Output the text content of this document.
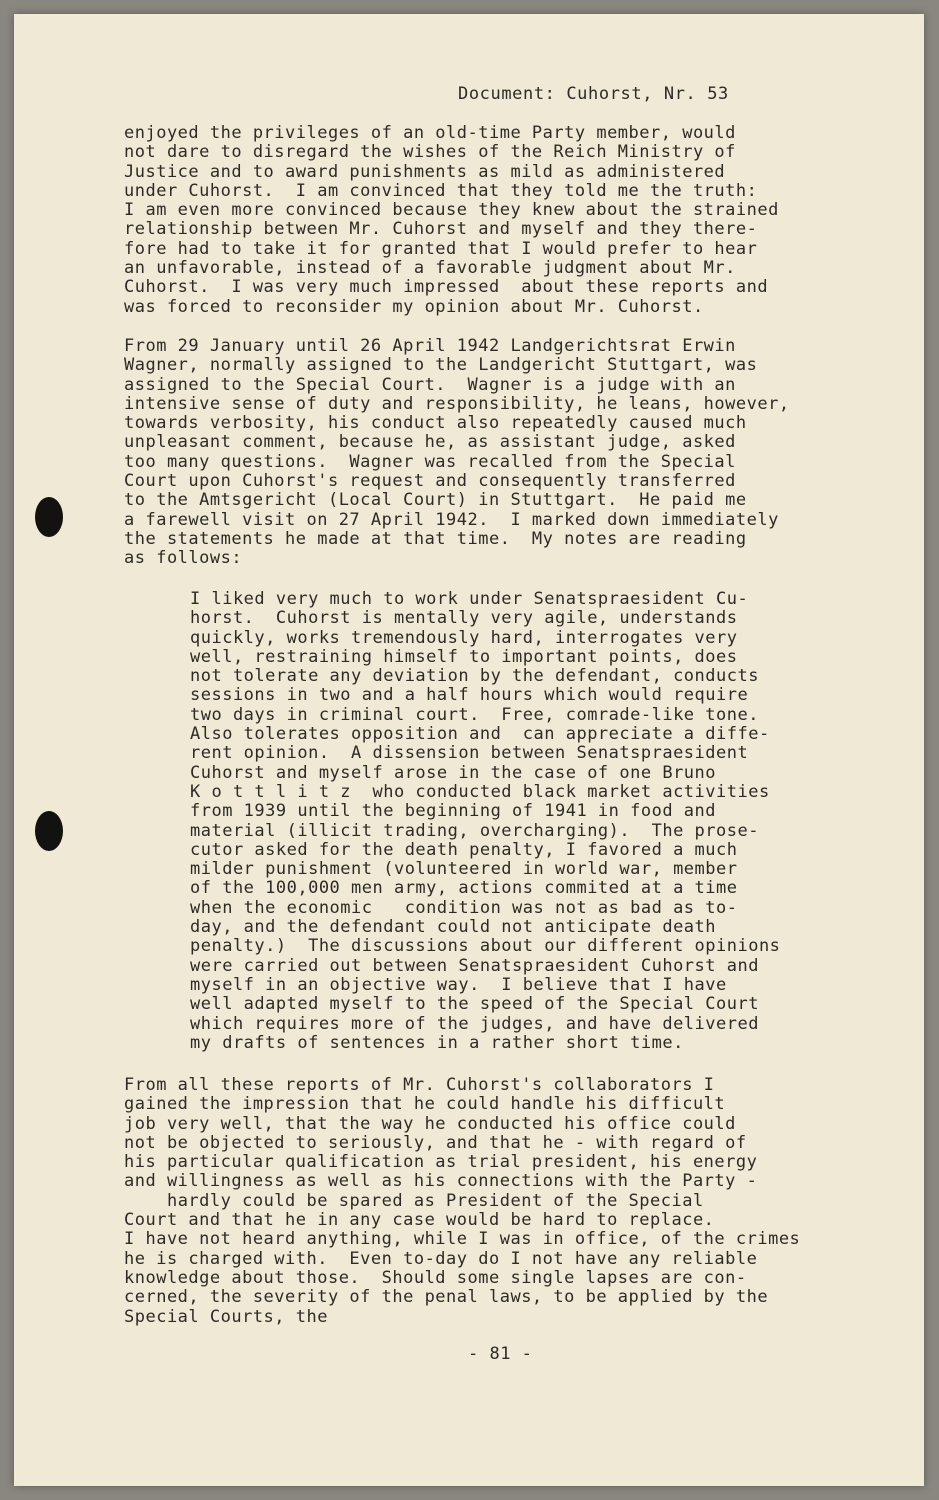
Document: Cuhorst, Nr. 53
enjoyed the privileges of an old-time Party member, would
not dare to disregard the wishes of the Reich Ministry of
Justice and to award punishments as mild as administered
under Cuhorst.  I am convinced that they told me the truth:
I am even more convinced because they knew about the strained
relationship between Mr. Cuhorst and myself and they there-
fore had to take it for granted that I would prefer to hear
an unfavorable, instead of a favorable judgment about Mr.
Cuhorst.  I was very much impressed  about these reports and
was forced to reconsider my opinion about Mr. Cuhorst.
From 29 January until 26 April 1942 Landgerichtsrat Erwin
Wagner, normally assigned to the Landgericht Stuttgart, was
assigned to the Special Court.  Wagner is a judge with an
intensive sense of duty and responsibility, he leans, however,
towards verbosity, his conduct also repeatedly caused much
unpleasant comment, because he, as assistant judge, asked
too many questions.  Wagner was recalled from the Special
Court upon Cuhorst's request and consequently transferred
to the Amtsgericht (Local Court) in Stuttgart.  He paid me
a farewell visit on 27 April 1942.  I marked down immediately
the statements he made at that time.  My notes are reading
as follows:
I liked very much to work under Senatspraesident Cu-
horst.  Cuhorst is mentally very agile, understands
quickly, works tremendously hard, interrogates very
well, restraining himself to important points, does
not tolerate any deviation by the defendant, conducts
sessions in two and a half hours which would require
two days in criminal court.  Free, comrade-like tone.
Also tolerates opposition and  can appreciate a diffe-
rent opinion.  A dissension between Senatspraesident
Cuhorst and myself arose in the case of one Bruno
K o t t l i t z  who conducted black market activities
from 1939 until the beginning of 1941 in food and
material (illicit trading, overcharging).  The prose-
cutor asked for the death penalty, I favored a much
milder punishment (volunteered in world war, member
of the 100,000 men army, actions commited at a time
when the economic   condition was not as bad as to-
day, and the defendant could not anticipate death
penalty.)  The discussions about our different opinions
were carried out between Senatspraesident Cuhorst and
myself in an objective way.  I believe that I have
well adapted myself to the speed of the Special Court
which requires more of the judges, and have delivered
my drafts of sentences in a rather short time.
From all these reports of Mr. Cuhorst's collaborators I
gained the impression that he could handle his difficult
job very well, that the way he conducted his office could
not be objected to seriously, and that he - with regard of
his particular qualification as trial president, his energy
and willingness as well as his connections with the Party -
hardly could be spared as President of the Special
Court and that he in any case would be hard to replace.
I have not heard anything, while I was in office, of the crimes
he is charged with.  Even to-day do I not have any reliable
knowledge about those.  Should some single lapses are con-
cerned, the severity of the penal laws, to be applied by the
Special Courts, the
- 81 -
